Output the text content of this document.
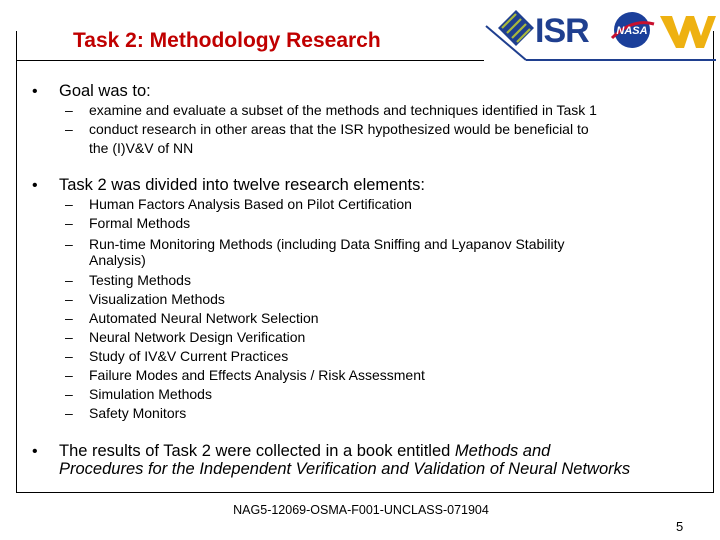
Task 2: Methodology Research	ISR	NASA
• Goal was to:
– examine and evaluate a subset of the methods and techniques identified in Task 1
– conduct research in other areas that the ISR hypothesized would be beneficial to
the (I)V&V of NN
• Task 2 was divided into twelve research elements:
– Human Factors Analysis Based on Pilot Certification
– Formal Methods
– Run-time Monitoring Methods (including Data Sniffing and Lyapanov Stability
Analysis)
– Testing Methods
– Visualization Methods
– Automated Neural Network Selection
– Neural Network Design Verification
– Study of IV&V Current Practices
– Failure Modes and Effects Analysis / Risk Assessment
– Simulation Methods
– Safety Monitors
• The results of Task 2 were collected in a book entitled Methods and
Procedures for the Independent Verification and Validation of Neural Networks
NAG5-12069-OSMA-F001-UNCLASS-071904
5
